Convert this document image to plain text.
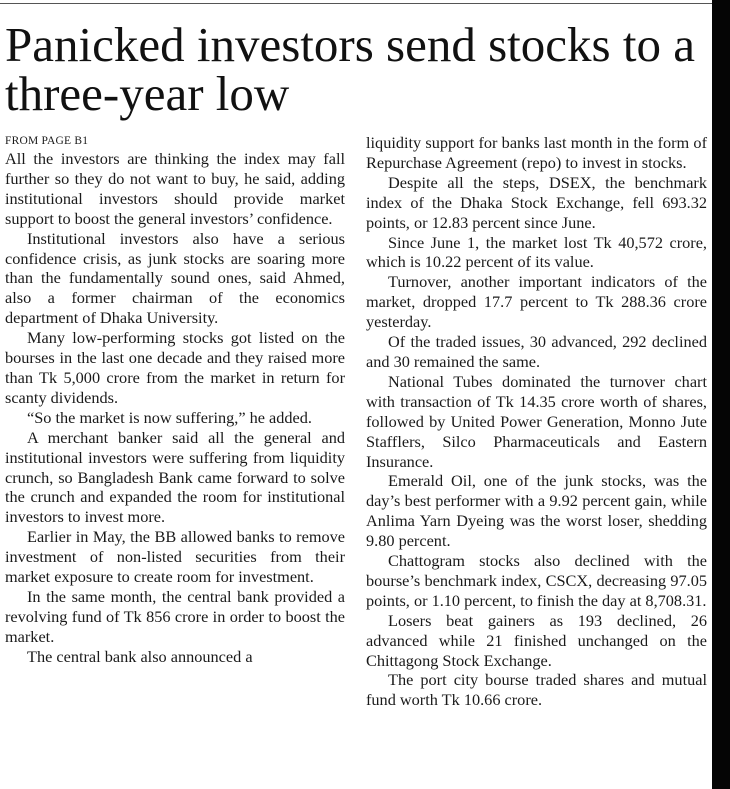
Panicked investors send stocks to a three-year low

FROM PAGE B1

All the investors are thinking the index may fall further so they do not want to buy, he said, adding institutional investors should provide market support to boost the general investors’ confidence.

Institutional investors also have a serious confidence crisis, as junk stocks are soaring more than the fundamentally sound ones, said Ahmed, also a former chairman of the economics department of Dhaka University.

Many low-performing stocks got listed on the bourses in the last one decade and they raised more than Tk 5,000 crore from the market in return for scanty dividends.

“So the market is now suffering,” he added.

A merchant banker said all the general and institutional investors were suffering from liquidity crunch, so Bangladesh Bank came forward to solve the crunch and expanded the room for institutional investors to invest more.

Earlier in May, the BB allowed banks to remove investment of non-listed securities from their market exposure to create room for investment.

In the same month, the central bank provided a revolving fund of Tk 856 crore in order to boost the market.

The central bank also announced a

liquidity support for banks last month in the form of Repurchase Agreement (repo) to invest in stocks.

Despite all the steps, DSEX, the benchmark index of the Dhaka Stock Exchange, fell 693.32 points, or 12.83 percent since June.

Since June 1, the market lost Tk 40,572 crore, which is 10.22 percent of its value.

Turnover, another important indicators of the market, dropped 17.7 percent to Tk 288.36 crore yesterday.

Of the traded issues, 30 advanced, 292 declined and 30 remained the same.

National Tubes dominated the turnover chart with transaction of Tk 14.35 crore worth of shares, followed by United Power Generation, Monno Jute Stafflers, Silco Pharmaceuticals and Eastern Insurance.

Emerald Oil, one of the junk stocks, was the day’s best performer with a 9.92 percent gain, while Anlima Yarn Dyeing was the worst loser, shedding 9.80 percent.

Chattogram stocks also declined with the bourse’s benchmark index, CSCX, decreasing 97.05 points, or 1.10 percent, to finish the day at 8,708.31.

Losers beat gainers as 193 declined, 26 advanced while 21 finished unchanged on the Chittagong Stock Exchange.

The port city bourse traded shares and mutual fund worth Tk 10.66 crore.
